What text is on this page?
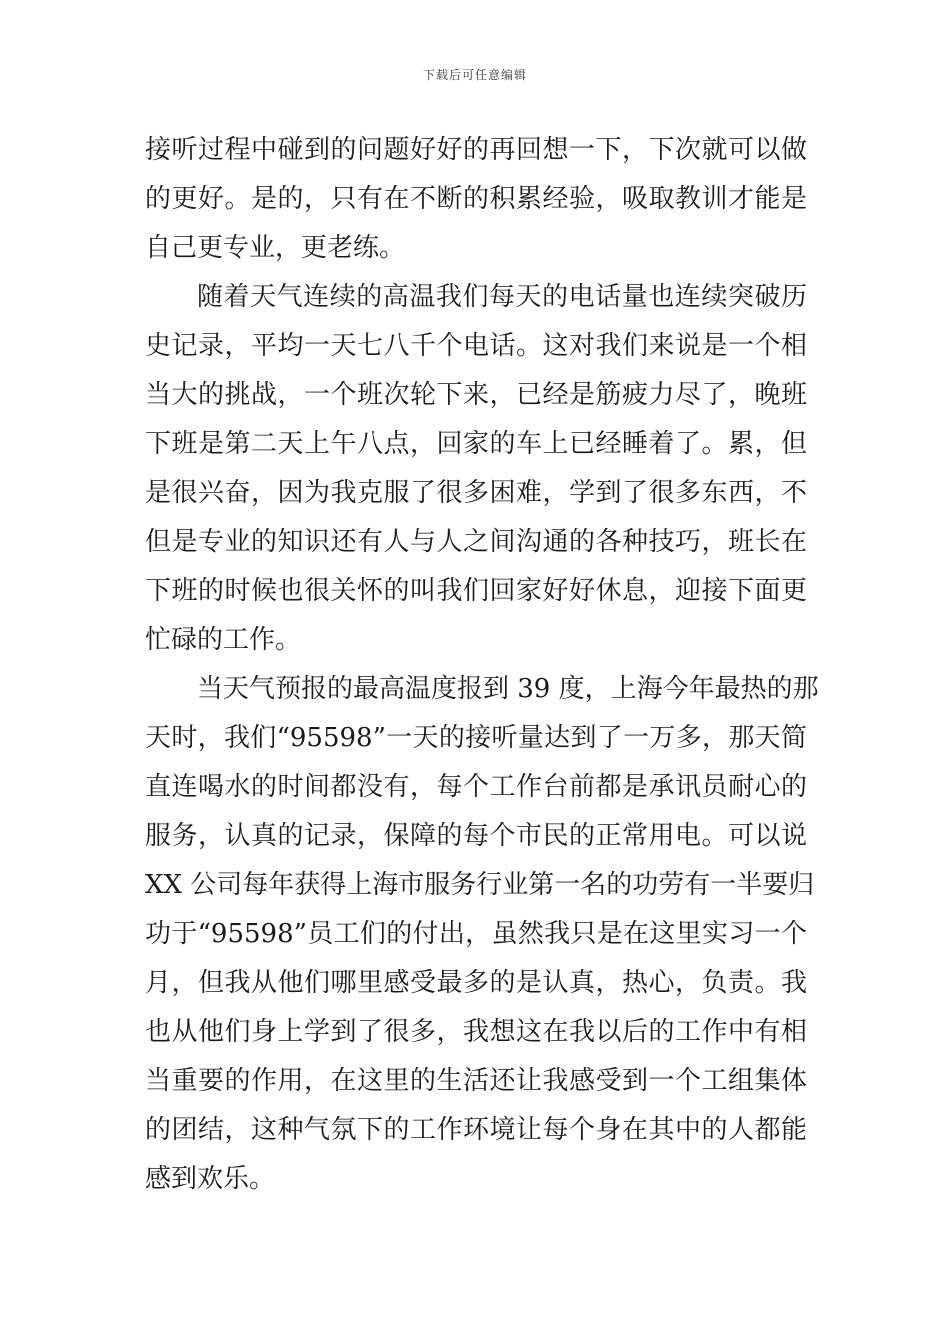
下载后可任意编辑
接听过程中碰到的问题好好的再回想一下，下次就可以做
的更好。是的，只有在不断的积累经验，吸取教训才能是
自己更专业，更老练。
随着天气连续的高温我们每天的电话量也连续突破历
史记录，平均一天七八千个电话。这对我们来说是一个相
当大的挑战，一个班次轮下来，已经是筋疲力尽了，晚班
下班是第二天上午八点，回家的车上已经睡着了。累，但
是很兴奋，因为我克服了很多困难，学到了很多东西，不
但是专业的知识还有人与人之间沟通的各种技巧，班长在
下班的时候也很关怀的叫我们回家好好休息，迎接下面更
忙碌的工作。
当天气预报的最高温度报到 39 度，上海今年最热的那
天时，我们“95598”一天的接听量达到了一万多，那天简
直连喝水的时间都没有，每个工作台前都是承讯员耐心的
服务，认真的记录，保障的每个市民的正常用电。可以说
XX 公司每年获得上海市服务行业第一名的功劳有一半要归
功于“95598”员工们的付出，虽然我只是在这里实习一个
月，但我从他们哪里感受最多的是认真，热心，负责。我
也从他们身上学到了很多，我想这在我以后的工作中有相
当重要的作用，在这里的生活还让我感受到一个工组集体
的团结，这种气氛下的工作环境让每个身在其中的人都能
感到欢乐。
